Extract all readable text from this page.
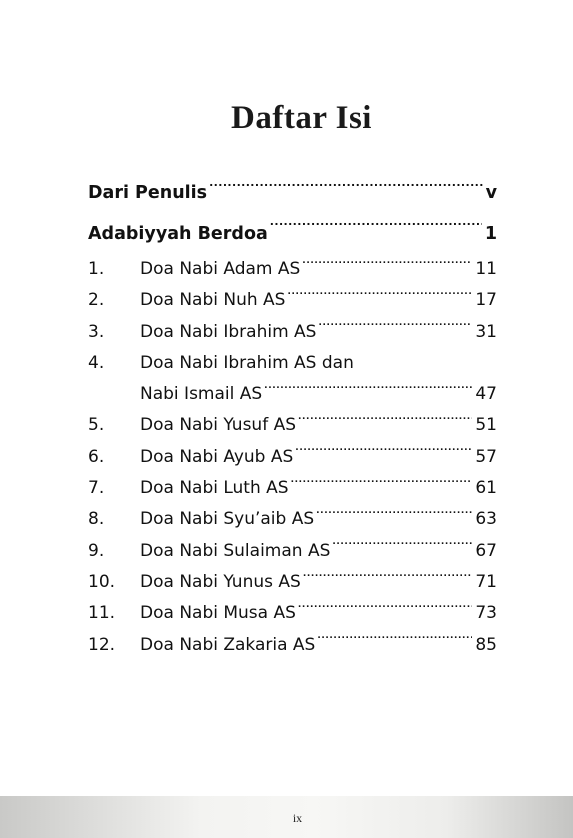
Daftar Isi
Dari Penulis .....	v
Adabiyyah Berdoa .....	1
1.	Doa Nabi Adam AS .....	11
2.	Doa Nabi Nuh AS .....	17
3.	Doa Nabi Ibrahim AS .....	31
4.	Doa Nabi Ibrahim AS dan
Nabi Ismail AS .....	47
5.	Doa Nabi Yusuf AS .....	51
6.	Doa Nabi Ayub AS .....	57
7.	Doa Nabi Luth AS .....	61
8.	Doa Nabi Syu’aib AS .....	63
9.	Doa Nabi Sulaiman AS .....	67
10.	Doa Nabi Yunus AS .....	71
11.	Doa Nabi Musa AS .....	73
12.	Doa Nabi Zakaria AS .....	85
ix
